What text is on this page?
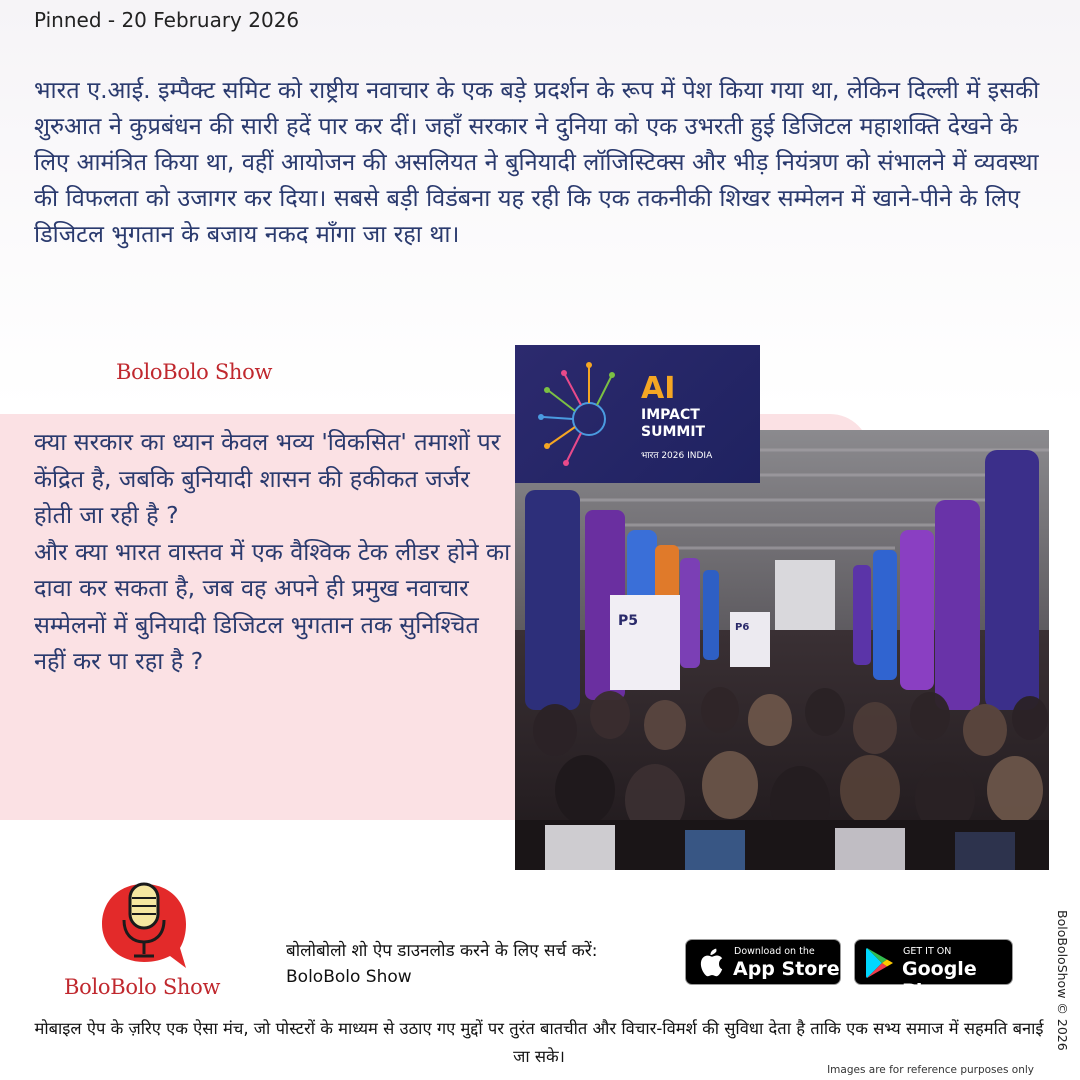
Pinned - 20 February 2026

भारत ए.आई. इम्पैक्ट समिट को राष्ट्रीय नवाचार के एक बड़े प्रदर्शन के रूप में पेश किया गया था, लेकिन दिल्ली में इसकी शुरुआत ने कुप्रबंधन की सारी हदें पार कर दीं। जहाँ सरकार ने दुनिया को एक उभरती हुई डिजिटल महाशक्ति देखने के लिए आमंत्रित किया था, वहीं आयोजन की असलियत ने बुनियादी लॉजिस्टिक्स और भीड़ नियंत्रण को संभालने में व्यवस्था की विफलता को उजागर कर दिया। सबसे बड़ी विडंबना यह रही कि एक तकनीकी शिखर सम्मेलन में खाने-पीने के लिए डिजिटल भुगतान के बजाय नकद माँगा जा रहा था।

BoloBolo Show

क्या सरकार का ध्यान केवल भव्य 'विकसित' तमाशों पर केंद्रित है, जबकि बुनियादी शासन की हकीकत जर्जर होती जा रही है ?

और क्या भारत वास्तव में एक वैश्विक टेक लीडर होने का दावा कर सकता है, जब वह अपने ही प्रमुख नवाचार सम्मेलनों में बुनियादी डिजिटल भुगतान तक सुनिश्चित नहीं कर पा रहा है ?

P5	P6
AI
IMPACT
SUMMIT
भारत 2026 INDIA
BoloBolo Show
बोलोबोलो शो ऐप डाउनलोड करने के लिए सर्च करें:
BoloBolo Show
Download on the
App Store
GET IT ON
Google Play

मोबाइल ऐप के ज़रिए एक ऐसा मंच, जो पोस्टरों के माध्यम से उठाए गए मुद्दों पर तुरंत बातचीत और विचार-विमर्श की सुविधा देता है ताकि एक सभ्य समाज में सहमति बनाई जा सके।

BoloBoloShow © 2026
Images are for reference purposes only
